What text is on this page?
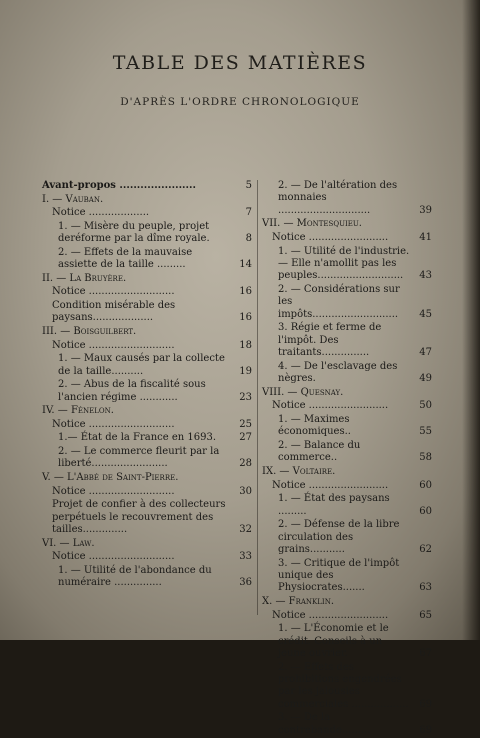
TABLE DES MATIÈRES
D'APRÈS L'ORDRE CHRONOLOGIQUE
Avant-propos ......................	5
I. — Vauban.
Notice ...................	7
1. — Misère du peuple, projet deréforme par la dîme royale.	8
2. — Effets de la mauvaise assiette de la taille .........	14
II. — La Bruyère.
Notice ...........................	16
Condition misérable des paysans...................	16
III. — Boisguilbert.
Notice ...........................	18
1. — Maux causés par la collecte de la taille..........	19
2. — Abus de la fiscalité sous l'ancien régime ............	23
IV. — Fénelon.
Notice ...........................	25
1.— État de la France en 1693.	27
2. — Le commerce fleurit par la liberté........................	28
V. — L'Abbé de Saint-Pierre.
Notice ...........................	30
Projet de confier à des collecteurs perpétuels le recouvrement des tailles..............	32
VI. — Law.
Notice ...........................	33
1. — Utilité de l'abondance du numéraire ...............	36
2. — De l'altération des monnaies .............................	39
VII. — Montesquieu.
Notice .........................	41
1. — Utilité de l'industrie. — Elle n'amollit pas les peuples...........................	43
2. — Considérations sur les impôts...........................	45
3. Régie et ferme de l'impôt. Des traitants...............	47
4. — De l'esclavage des nègres.	49
VIII. — Quesnay.
Notice .........................	50
1. — Maximes économiques..	55
2. — Balance du commerce..	58
IX. — Voltaire.
Notice .........................	60
1. — État des paysans .........	60
2. — Défense de la libre circulation des grains...........	62
3. — Critique de l'impôt unique des Physiocrates.......	63
X. — Franklin.
Notice .........................	65
1. — L'Économie et le crédit. Conseils à un jeune ouvrier.	67
2. — Effets des prohibitions engendrées par les jalousies commerciales ..................	69
3. — De la contrebande.........	69
